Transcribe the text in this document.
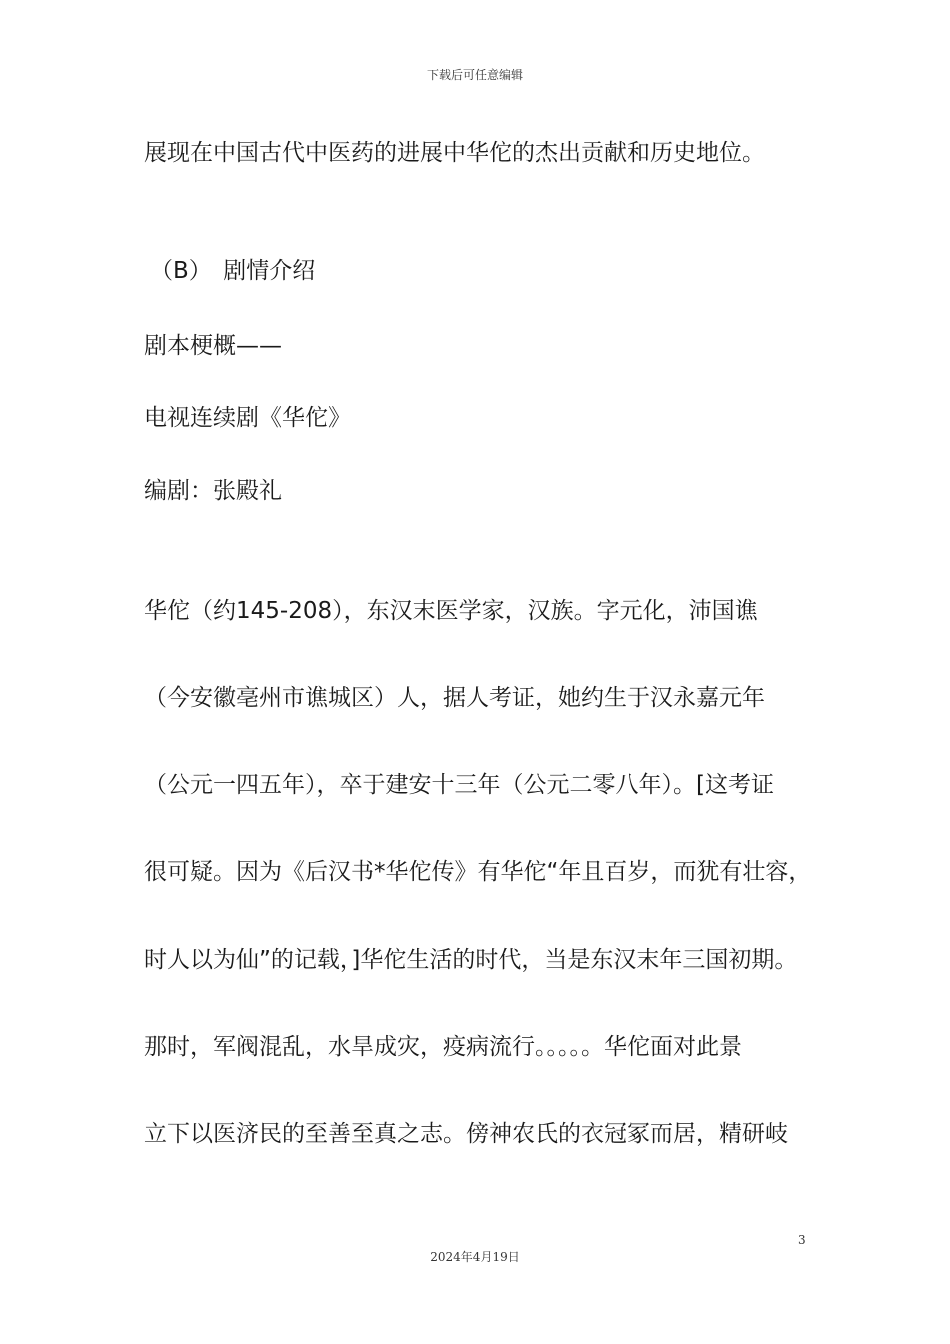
下载后可任意编辑
展现在中国古代中医药的进展中华佗的杰出贡献和历史地位。
（B）　剧情介绍
剧本梗概——
电视连续剧《华佗》
编剧：张殿礼
华佗（约145-208），东汉末医学家，汉族。字元化，沛国谯
（今安徽亳州市谯城区）人，据人考证，她约生于汉永嘉元年
（公元一四五年），卒于建安十三年（公元二零八年）。[这考证
很可疑。因为《后汉书*华佗传》有华佗“年且百岁，而犹有壮容，
时人以为仙”的记载，]华佗生活的时代，当是东汉末年三国初期。
那时，军阀混乱，水旱成灾，疫病流行。。。。。华佗面对此景
立下以医济民的至善至真之志。傍神农氏的衣冠冢而居，精研岐
3
2024年4月19日
